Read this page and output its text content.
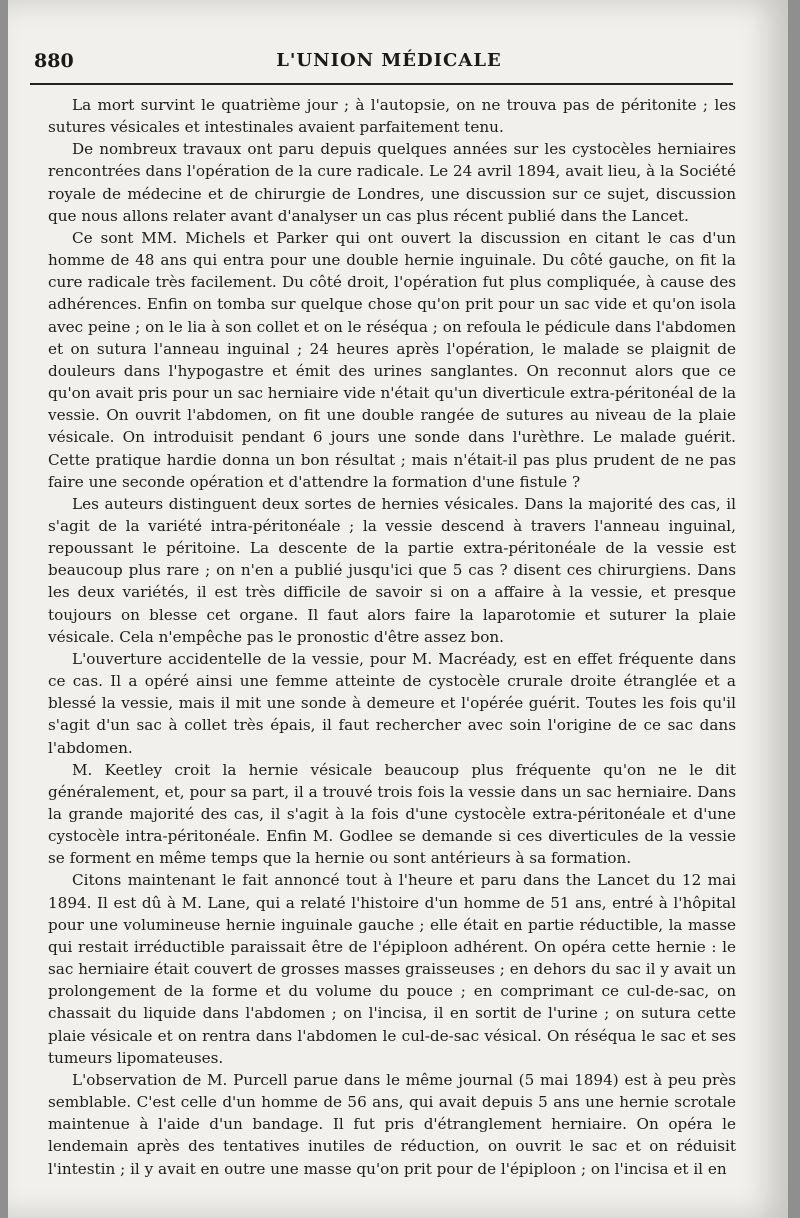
880	L'UNION MÉDICALE

La mort survint le quatrième jour ; à l'autopsie, on ne trouva pas de péritonite ; les sutures vésicales et intestinales avaient parfaitement tenu.

De nombreux travaux ont paru depuis quelques années sur les cystocèles herniaires rencontrées dans l'opération de la cure radicale. Le 24 avril 1894, avait lieu, à la Société royale de médecine et de chirurgie de Londres, une discussion sur ce sujet, discussion que nous allons relater avant d'analyser un cas plus récent publié dans the Lancet.

Ce sont MM. Michels et Parker qui ont ouvert la discussion en citant le cas d'un homme de 48 ans qui entra pour une double hernie inguinale. Du côté gauche, on fit la cure radicale très facilement. Du côté droit, l'opération fut plus compliquée, à cause des adhérences. Enfin on tomba sur quelque chose qu'on prit pour un sac vide et qu'on isola avec peine ; on le lia à son collet et on le réséqua ; on refoula le pédicule dans l'abdomen et on sutura l'anneau inguinal ; 24 heures après l'opération, le malade se plaignit de douleurs dans l'hypogastre et émit des urines sanglantes. On reconnut alors que ce qu'on avait pris pour un sac herniaire vide n'était qu'un diverticule extra-péritonéal de la vessie. On ouvrit l'abdomen, on fit une double rangée de sutures au niveau de la plaie vésicale. On introduisit pendant 6 jours une sonde dans l'urèthre. Le malade guérit. Cette pratique hardie donna un bon résultat ; mais n'était-il pas plus prudent de ne pas faire une seconde opération et d'attendre la formation d'une fistule ?

Les auteurs distinguent deux sortes de hernies vésicales. Dans la majorité des cas, il s'agit de la variété intra-péritonéale ; la vessie descend à travers l'anneau inguinal, repoussant le péritoine. La descente de la partie extra-péritonéale de la vessie est beaucoup plus rare ; on n'en a publié jusqu'ici que 5 cas ? disent ces chirurgiens. Dans les deux variétés, il est très difficile de savoir si on a affaire à la vessie, et presque toujours on blesse cet organe. Il faut alors faire la laparotomie et suturer la plaie vésicale. Cela n'empêche pas le pronostic d'être assez bon.

L'ouverture accidentelle de la vessie, pour M. Macréady, est en effet fréquente dans ce cas. Il a opéré ainsi une femme atteinte de cystocèle crurale droite étranglée et a blessé la vessie, mais il mit une sonde à demeure et l'opérée guérit. Toutes les fois qu'il s'agit d'un sac à collet très épais, il faut rechercher avec soin l'origine de ce sac dans l'abdomen.

M. Keetley croit la hernie vésicale beaucoup plus fréquente qu'on ne le dit généralement, et, pour sa part, il a trouvé trois fois la vessie dans un sac herniaire. Dans la grande majorité des cas, il s'agit à la fois d'une cystocèle extra-péritonéale et d'une cystocèle intra-péritonéale. Enfin M. Godlee se demande si ces diverticules de la vessie se forment en même temps que la hernie ou sont antérieurs à sa formation.

Citons maintenant le fait annoncé tout à l'heure et paru dans the Lancet du 12 mai 1894. Il est dû à M. Lane, qui a relaté l'histoire d'un homme de 51 ans, entré à l'hôpital pour une volumineuse hernie inguinale gauche ; elle était en partie réductible, la masse qui restait irréductible paraissait être de l'épiploon adhérent. On opéra cette hernie : le sac herniaire était couvert de grosses masses graisseuses ; en dehors du sac il y avait un prolongement de la forme et du volume du pouce ; en comprimant ce cul-de-sac, on chassait du liquide dans l'abdomen ; on l'incisa, il en sortit de l'urine ; on sutura cette plaie vésicale et on rentra dans l'abdomen le cul-de-sac vésical. On réséqua le sac et ses tumeurs lipomateuses.

L'observation de M. Purcell parue dans le même journal (5 mai 1894) est à peu près semblable. C'est celle d'un homme de 56 ans, qui avait depuis 5 ans une hernie scrotale maintenue à l'aide d'un bandage. Il fut pris d'étranglement herniaire. On opéra le lendemain après des tentatives inutiles de réduction, on ouvrit le sac et on réduisit l'intestin ; il y avait en outre une masse qu'on prit pour de l'épiploon ; on l'incisa et il en
